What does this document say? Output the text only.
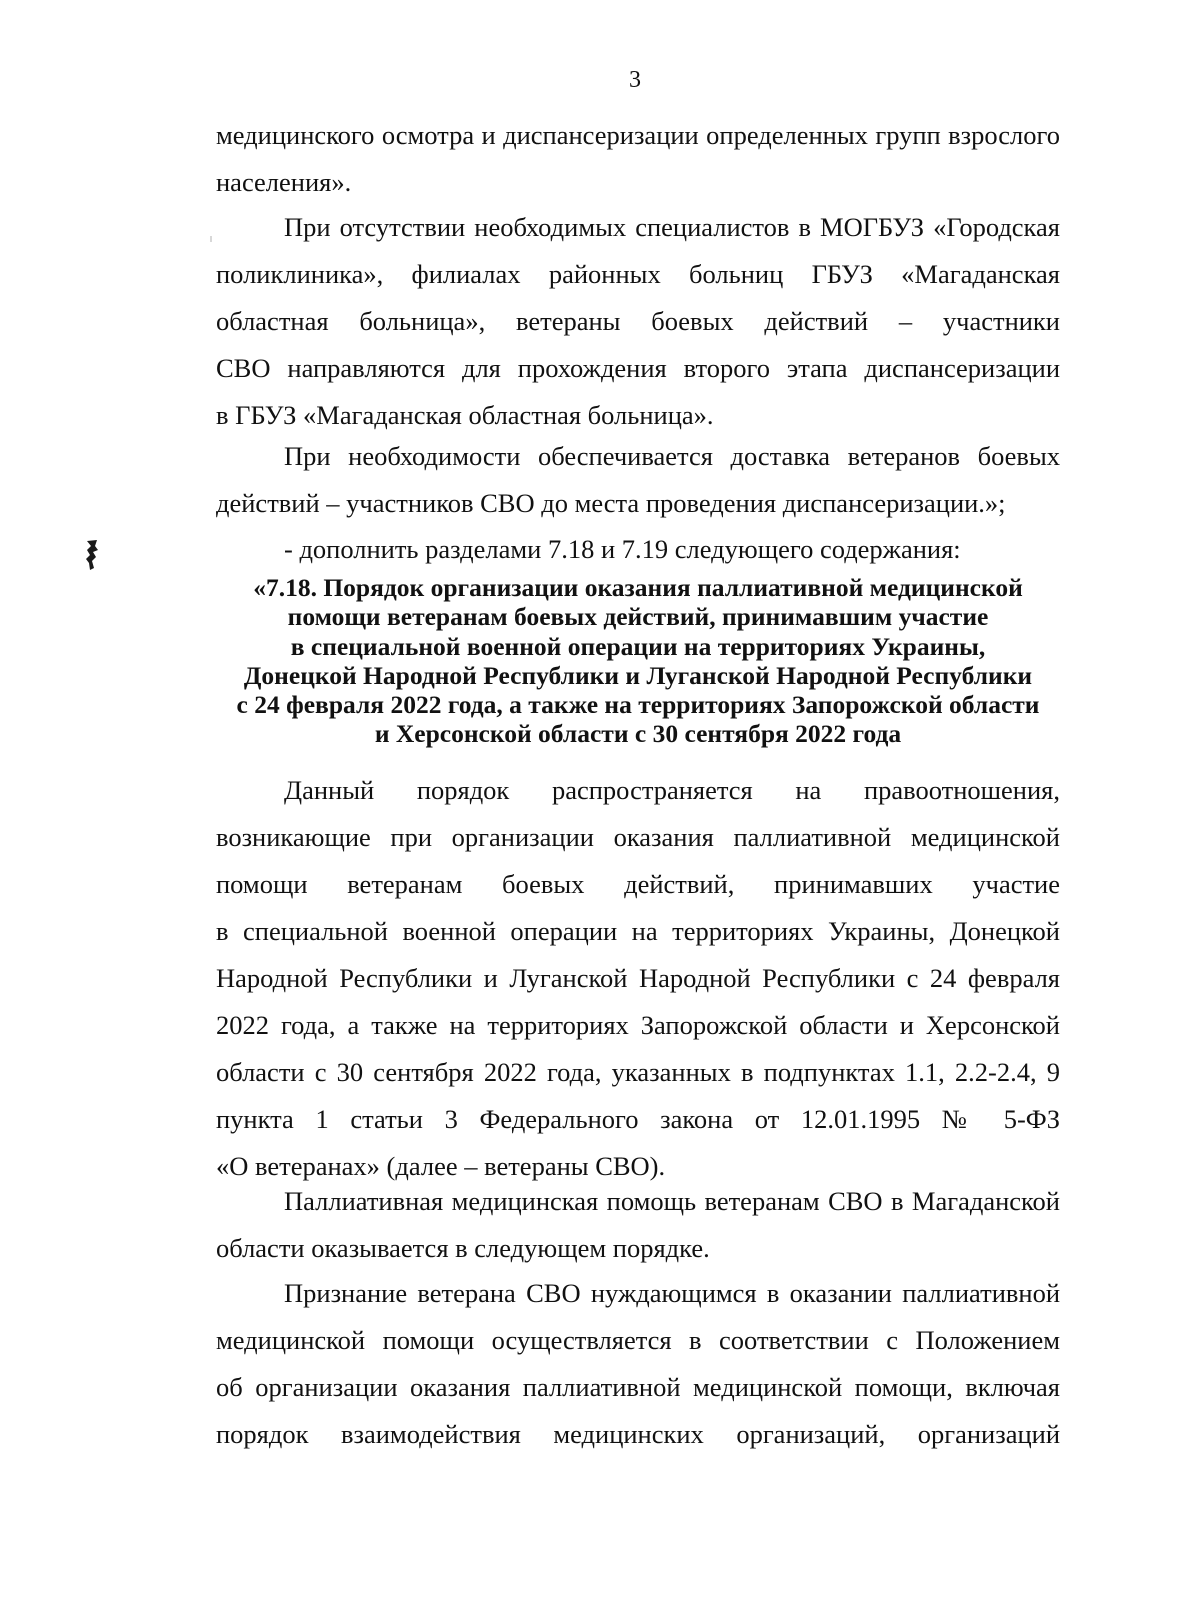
3
медицинского осмотра и диспансеризации определенных групп взрослого
населения».
При отсутствии необходимых специалистов в МОГБУЗ «Городская
поликлиника», филиалах районных больниц ГБУЗ «Магаданская
областная больница», ветераны боевых действий – участники
СВО направляются для прохождения второго этапа диспансеризации
в ГБУЗ «Магаданская областная больница».
При необходимости обеспечивается доставка ветеранов боевых
действий – участников СВО до места проведения диспансеризации.»;
- дополнить разделами 7.18 и 7.19 следующего содержания:
«7.18. Порядок организации оказания паллиативной медицинской
помощи ветеранам боевых действий, принимавшим участие
в специальной военной операции на территориях Украины,
Донецкой Народной Республики и Луганской Народной Республики
с 24 февраля 2022 года, а также на территориях Запорожской области
и Херсонской области с 30 сентября 2022 года
Данный порядок распространяется на правоотношения,
возникающие при организации оказания паллиативной медицинской
помощи ветеранам боевых действий, принимавших участие
в специальной военной операции на территориях Украины, Донецкой
Народной Республики и Луганской Народной Республики с 24 февраля
2022 года, а также на территориях Запорожской области и Херсонской
области с 30 сентября 2022 года, указанных в подпунктах 1.1, 2.2-2.4, 9
пункта 1 статьи 3 Федерального закона от 12.01.1995 № 5-ФЗ
«О ветеранах» (далее – ветераны СВО).
Паллиативная медицинская помощь ветеранам СВО в Магаданской
области оказывается в следующем порядке.
Признание ветерана СВО нуждающимся в оказании паллиативной
медицинской помощи осуществляется в соответствии с Положением
об организации оказания паллиативной медицинской помощи, включая
порядок взаимодействия медицинских организаций, организаций
